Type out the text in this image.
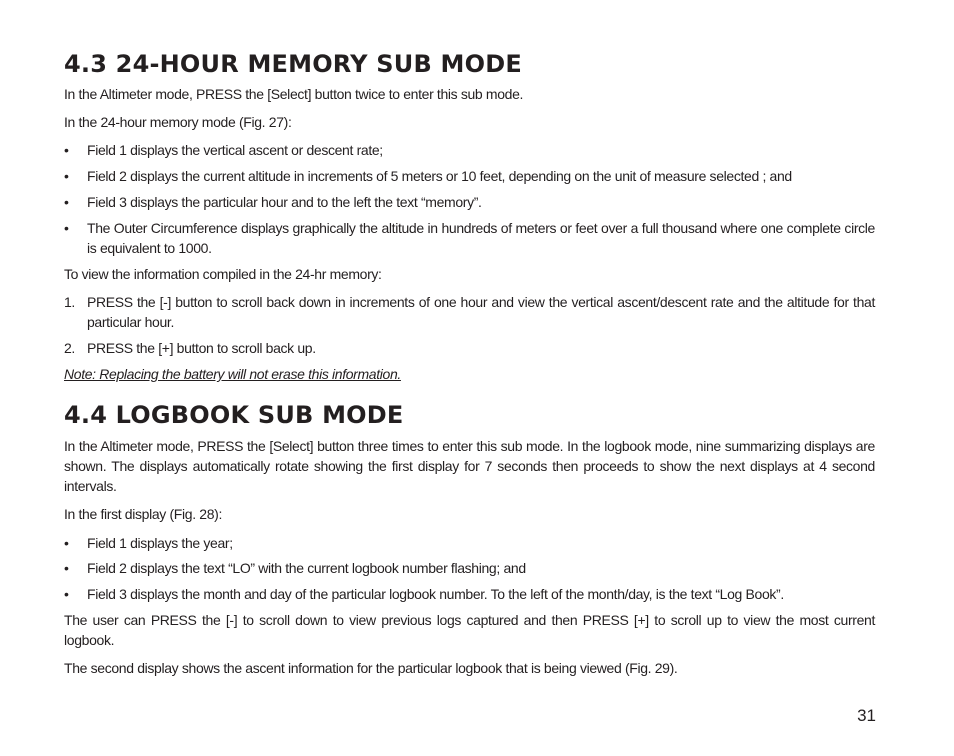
4.3 24-HOUR MEMORY SUB MODE

In the Altimeter mode, PRESS the [Select] button twice to enter this sub mode.

In the 24-hour memory mode (Fig. 27):

•	Field 1 displays the vertical ascent or descent rate;
•	Field 2 displays the current altitude in increments of 5 meters or 10 feet, depending on the unit of measure selected ; and
•	Field 3 displays the particular hour and to the left the text “memory”.
•	The Outer Circumference displays graphically the altitude in hundreds of meters or feet over a full thousand where one complete circle is equivalent to 1000.

To view the information compiled in the 24-hr memory:

1. PRESS the [-] button to scroll back down in increments of one hour and view the vertical ascent/descent rate and the altitude for that particular hour.
2. PRESS the [+] button to scroll back up.

Note: Replacing the battery will not erase this information.

4.4 LOGBOOK SUB MODE

In the Altimeter mode, PRESS the [Select] button three times to enter this sub mode. In the logbook mode, nine summarizing displays are shown. The displays automatically rotate showing the first display for 7 seconds then proceeds to show the next displays at 4 second intervals.

In the first display (Fig. 28):

•	Field 1 displays the year;
•	Field 2 displays the text “LO” with the current logbook number flashing; and
•	Field 3 displays the month and day of the particular logbook number. To the left of the month/day, is the text “Log Book”.

The user can PRESS the [-] to scroll down to view previous logs captured and then PRESS [+] to scroll up to view the most current logbook.

The second display shows the ascent information for the particular logbook that is being viewed (Fig. 29).

31
